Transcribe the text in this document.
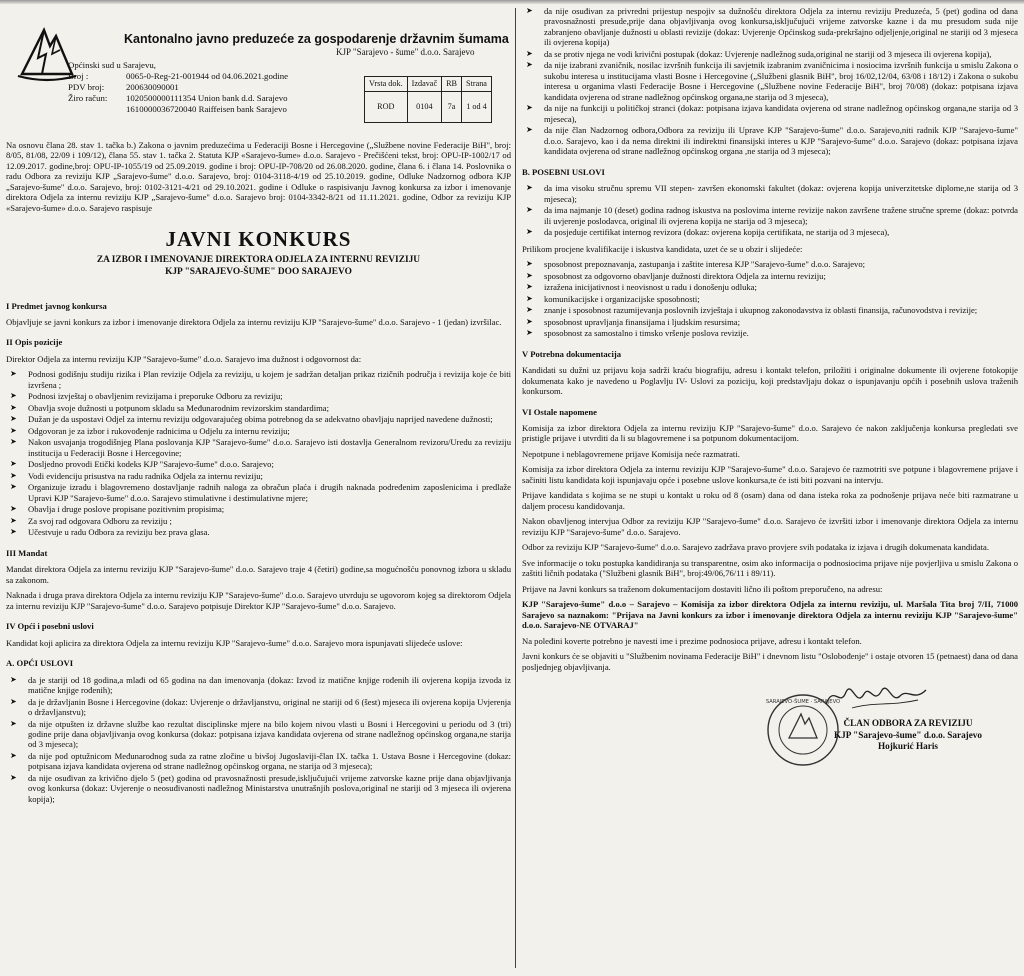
Kantonalno javno preduzeće za gospodarenje državnim šumama
KJP "Sarajevo - šume" d.o.o. Sarajevo
Općinski sud u Sarajevu,
Broj :	0065-0-Reg-21-001944 od 04.06.2021.godine
PDV broj:	200630090001
Žiro račun:	1020500000111354 Union bank d.d. Sarajevo
1610000036720040 Raiffeisen bank Sarajevo
Vrsta dok.	Izdavač	RB	Strana
ROD	0104	7a	1 od 4

Na osnovu člana 28. stav 1. tačka b.) Zakona o javnim preduzećima u Federaciji Bosne i Hercegovine („Službene novine Federacije BiH", broj: 8/05, 81/08, 22/09 i 109/12), člana 55. stav 1. tačka 2. Statuta KJP «Sarajevo-šume» d.o.o. Sarajevo - Prečišćeni tekst, broj: OPU-IP-1002/17 od 12.09.2017. godine,broj: OPU-IP-1055/19 od 25.09.2019. godine i broj: OPU-IP-708/20 od 26.08.2020. godine, člana 6. i člana 14. Poslovnika o radu Odbora za reviziju KJP „Sarajevo-šume" d.o.o. Sarajevo, broj: 0104-3118-4/19 od 25.10.2019. godine, Odluke Nadzornog odbora KJP „Sarajevo-šume" d.o.o. Sarajevo, broj: 0102-3121-4/21 od 29.10.2021. godine i Odluke o raspisivanju Javnog konkursa za izbor i imenovanje direktora Odjela za internu reviziju KJP „Sarajevo-šume" d.o.o. Sarajevo broj: 0104-3342-8/21 od 11.11.2021. godine, Odbor za reviziju KJP «Sarajevo-šume» d.o.o. Sarajevo raspisuje

JAVNI KONKURS
ZA IZBOR I IMENOVANJE DIREKTORA ODJELA ZA INTERNU REVIZIJU
KJP "SARAJEVO-ŠUME" DOO SARAJEVO
I Predmet javnog konkursa

Objavljuje se javni konkurs za izbor i imenovanje direktora Odjela za internu reviziju KJP "Sarajevo-šume" d.o.o. Sarajevo - 1 (jedan) izvršilac.

II Opis pozicije

Direktor Odjela za internu reviziju KJP "Sarajevo-šume" d.o.o. Sarajevo ima dužnost i odgovornost da:

➤ Podnosi godišnju studiju rizika i Plan revizije Odjela za reviziju, u kojem je sadržan detaljan prikaz rizičnih područja i revizija koje će biti izvršena ;
➤ Podnosi izvještaj o obavljenim revizijama i preporuke Odboru za reviziju;
➤ Obavlja svoje dužnosti u potpunom skladu sa Međunarodnim revizorskim standardima;
➤ Dužan je da uspostavi Odjel za internu reviziju odgovarajućeg obima potrebnog da se adekvatno obavljaju naprijed navedene dužnosti;
➤ Odgovoran je za izbor i rukovođenje radnicima u Odjelu za internu reviziju;
➤ Nakon usvajanja trogodišnjeg Plana poslovanja KJP "Sarajevo-šume" d.o.o. Sarajevo isti dostavlja Generalnom revizoru/Uredu za reviziju institucija u Federaciji Bosne i Hercegovine;
➤ Dosljedno provodi Etički kodeks KJP "Sarajevo-šume" d.o.o. Sarajevo;
➤ Vodi evidenciju prisustva na radu radnika Odjela za internu reviziju;
➤ Organizuje izradu i blagovremeno dostavljanje radnih naloga za obračun plaća i drugih naknada podređenim zaposlenicima i predlaže Upravi KJP "Sarajevo-šume" d.o.o. Sarajevo stimulativne i destimulativne mjere;
➤ Obavlja i druge poslove propisane pozitivnim propisima;
➤ Za svoj rad odgovara Odboru za reviziju ;
➤ Učestvuje u radu Odbora za reviziju bez prava glasa.
III Mandat

Mandat direktora Odjela za internu reviziju KJP "Sarajevo-šume" d.o.o. Sarajevo traje 4 (četiri) godine,sa mogućnošću ponovnog izbora u skladu sa zakonom.

Naknada i druga prava direktora Odjela za internu reviziju KJP "Sarajevo-šume" d.o.o. Sarajevo utvrduju se ugovorom kojeg sa direktorom Odjela za internu reviziju KJP "Sarajevo-šume" d.o.o. Sarajevo potpisuje Direktor KJP "Sarajevo-šume" d.o.o. Sarajevo.

IV Opći i posebni uslovi

Kandidat koji aplicira za direktora Odjela za internu reviziju KJP "Sarajevo-šume" d.o.o. Sarajevo mora ispunjavati slijedeće uslove:

A. OPĆI USLOVI
➤ da je stariji od 18 godina,a mlađi od 65 godina na dan imenovanja (dokaz: Izvod iz matične knjige rođenih ili ovjerena kopija izvoda iz matične knjige rođenih);
➤ da je državljanin Bosne i Hercegovine (dokaz: Uvjerenje o državljanstvu, original ne stariji od 6 (šest) mjeseca ili ovjerena kopija Uvjerenja o državljanstvu);
➤ da nije otpušten iz državne službe kao rezultat disciplinske mjere na bilo kojem nivou vlasti u Bosni i Hercegovini u periodu od 3 (tri) godine prije dana objavljivanja ovog konkursa (dokaz: potpisana izjava kandidata ovjerena od strane nadležnog općinskog organa,ne starija od 3 mjeseca);
➤ da nije pod optužnicom Međunarodnog suda za ratne zločine u bivšoj Jugoslaviji-član IX. tačka 1. Ustava Bosne i Hercegovine (dokaz: potpisana izjava kandidata ovjerena od strane nadležnog općinskog organa, ne starija od 3 mjeseca);
➤ da nije osuđivan za krivično djelo 5 (pet) godina od pravosnažnosti presude,isključujući vrijeme zatvorske kazne prije dana objavljivanja ovog konkursa (dokaz: Uvjerenje o neosuđivanosti nadležnog Ministarstva unutrašnjih poslova,original ne stariji od 3 mjeseca ili ovjerena kopija);
➤ da nije osuđivan za privredni prijestup nespojiv sa dužnošću direktora Odjela za internu reviziju Preduzeća, 5 (pet) godina od dana pravosnažnosti presude,prije dana objavljivanja ovog konkursa,isključujući vrijeme zatvorske kazne i da mu presudom suda nije zabranjeno obavljanje dužnosti u oblasti revizije (dokaz: Uvjerenje Općinskog suda-prekršajno odjeljenje,original ne stariji od 3 mjeseca ili ovjerena kopija)
➤ da se protiv njega ne vodi krivični postupak (dokaz: Uvjerenje nadležnog suda,original ne stariji od 3 mjeseca ili ovjerena kopija),
➤ da nije izabrani zvaničnik, nosilac izvršnih funkcija ili savjetnik izabranim zvaničnicima i nosiocima izvršnih funkcija u smislu Zakona o sukobu interesa u institucijama vlasti Bosne i Hercegovine („Službeni glasnik BiH", broj 16/02,12/04, 63/08 i 18/12) i Zakona o sukobu interesa u organima vlasti Federacije Bosne i Hercegovine („Službene novine Federacije BiH", broj 70/08) (dokaz: potpisana izjava kandidata ovjerena od strane nadležnog općinskog organa,ne starija od 3 mjeseca),
➤ da nije na funkciji u političkoj stranci (dokaz: potpisana izjava kandidata ovjerena od strane nadležnog općinskog organa,ne starija od 3 mjeseca),
➤ da nije član Nadzornog odbora,Odbora za reviziju ili Uprave KJP "Sarajevo-šume" d.o.o. Sarajevo,niti radnik KJP "Sarajevo-šume" d.o.o. Sarajevo, kao i da nema direktni ili indirektni finansijski interes u KJP "Sarajevo-šume" d.o.o. Sarajevo (dokaz: potpisana izjava kandidata ovjerena od strane nadležnog općinskog organa ,ne starija od 3 mjeseca);
B. POSEBNI USLOVI
➤ da ima visoku stručnu spremu VII stepen- završen ekonomski fakultet (dokaz: ovjerena kopija univerzitetske diplome,ne starija od 3 mjeseca);
➤ da ima najmanje 10 (deset) godina radnog iskustva na poslovima interne revizije nakon završene tražene stručne spreme (dokaz: potvrda ili uvjerenje poslodavca, original ili ovjerena kopija ne starija od 3 mjeseca);
➤ da posjeduje certifikat internog revizora (dokaz: ovjerena kopija certifikata, ne starija od 3 mjeseca),

Prilikom procjene kvalifikacije i iskustva kandidata, uzet će se u obzir i slijedeće:

➤ sposobnost prepoznavanja, zastupanja i zaštite interesa KJP "Sarajevo-šume" d.o.o. Sarajevo;
➤ sposobnost za odgovorno obavljanje dužnosti direktora Odjela za internu reviziju;
➤ izražena inicijativnost i neovisnost u radu i donošenju odluka;
➤ komunikacijske i organizacijske sposobnosti;
➤ znanje i sposobnost razumijevanja poslovnih izvještaja i ukupnog zakonodavstva iz oblasti finansija, računovodstva i revizije;
➤ sposobnost upravljanja finansijama i ljudskim resursima;
➤ sposobnost za samostalno i timsko vršenje poslova revizije.
V Potrebna dokumentacija

Kandidati su dužni uz prijavu koja sadrži kraću biografiju, adresu i kontakt telefon, priložiti i originalne dokumente ili ovjerene fotokopije dokumenata kako je navedeno u Poglavlju IV- Uslovi za poziciju, koji predstavljaju dokaz o ispunjavanju općih i posebnih uslova traženih konkursom.

VI Ostale napomene

Komisija za izbor direktora Odjela za internu reviziju KJP "Sarajevo-šume" d.o.o. Sarajevo će nakon zaključenja konkursa pregledati sve pristigle prijave i utvrditi da li su blagovremene i sa potpunom dokumentacijom.

Nepotpune i neblagovremene prijave Komisija neće razmatrati.

Komisija za izbor direktora Odjela za internu reviziju KJP "Sarajevo-šume" d.o.o. Sarajevo će razmotriti sve potpune i blagovremene prijave i sačiniti listu kandidata koji ispunjavaju opće i posebne uslove konkursa,te će isti biti pozvani na intervju.

Prijave kandidata s kojima se ne stupi u kontakt u roku od 8 (osam) dana od dana isteka roka za podnošenje prijava neće biti razmatrane u daljem procesu kandidovanja.

Nakon obavljenog intervjua Odbor za reviziju KJP "Sarajevo-šume" d.o.o. Sarajevo će izvršiti izbor i imenovanje direktora Odjela za internu reviziju KJP "Sarajevo-šume" d.o.o. Sarajevo.

Odbor za reviziju KJP "Sarajevo-šume" d.o.o. Sarajevo zadržava pravo provjere svih podataka iz izjava i drugih dokumenata kandidata.

Sve informacije o toku postupka kandidiranja su transparentne, osim ako informacija o podnosiocima prijave nije povjerljiva u smislu Zakona o zaštiti ličnih podataka ("Službeni glasnik BiH", broj:49/06,76/11 i 89/11).

Prijave na Javni konkurs sa traženom dokumentacijom dostaviti lično ili poštom preporučeno, na adresu:

KJP "Sarajevo-šume" d.o.o – Sarajevo – Komisija za izbor direktora Odjela za internu reviziju, ul. Maršala Tita broj 7/II, 71000 Sarajevo sa naznakom: "Prijava na Javni konkurs za izbor i imenovanje direktora Odjela za internu reviziju KJP "Sarajevo-šume" d.o.o. Sarajevo-NE OTVARAJ"

Na poleđini koverte potrebno je navesti ime i prezime podnosioca prijave, adresu i kontakt telefon.

Javni konkurs će se objaviti u "Službenim novinama Federacije BiH" i dnevnom listu "Oslobođenje" i ostaje otvoren 15 (petnaest) dana od dana posljednjeg objavljivanja.

SARAJEVO-ŠUME · SARAJEVO
ČLAN ODBORA ZA REVIZIJU
KJP "Sarajevo-šume" d.o.o. Sarajevo
Hojkurić Haris
